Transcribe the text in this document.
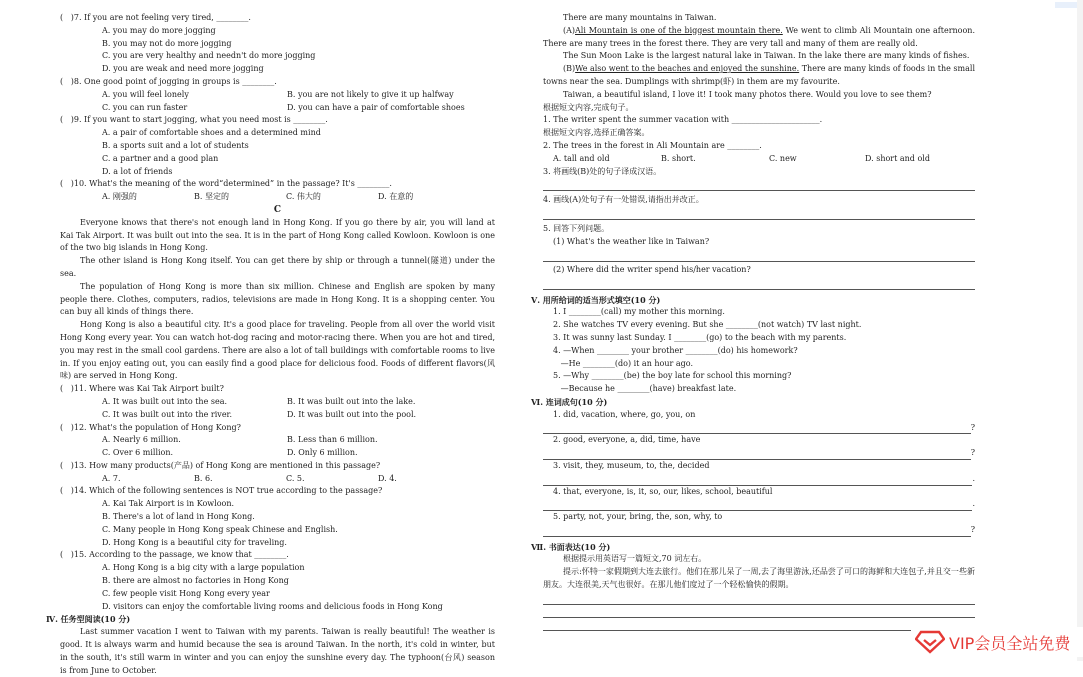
( )7. If you are not feeling very tired, ________.
A. you may do more jogging
B. you may not do more jogging
C. you are very healthy and needn't do more jogging
D. you are weak and need more jogging
( )8. One good point of jogging in groups is ________.
A. you will feel lonely	B. you are not likely to give it up halfway
C. you can run faster	D. you can have a pair of comfortable shoes
( )9. If you want to start jogging, what you need most is ________.
A. a pair of comfortable shoes and a determined mind
B. a sports suit and a lot of students
C. a partner and a good plan
D. a lot of friends
( )10. What's the meaning of the word“determined” in the passage? It's ________.
A. 刚强的	B. 坚定的	C. 伟大的	D. 在意的
C
Everyone knows that there's not enough land in Hong Kong. If you go there by air, you will land at Kai Tak Airport. It was built out into the sea. It is in the part of Hong Kong called Kowloon. Kowloon is one of the two big islands in Hong Kong.
The other island is Hong Kong itself. You can get there by ship or through a tunnel(隧道) under the sea.
The population of Hong Kong is more than six million. Chinese and English are spoken by many people there. Clothes, computers, radios, televisions are made in Hong Kong. It is a shopping center. You can buy all kinds of things there.
Hong Kong is also a beautiful city. It's a good place for traveling. People from all over the world visit Hong Kong every year. You can watch hot-dog racing and motor-racing there. When you are hot and tired, you may rest in the small cool gardens. There are also a lot of tall buildings with comfortable rooms to live in. If you enjoy eating out, you can easily find a good place for delicious food. Foods of different flavors(风味) are served in Hong Kong.
( )11. Where was Kai Tak Airport built?
A. It was built out into the sea.	B. It was built out into the lake.
C. It was built out into the river.	D. It was built out into the pool.
( )12. What's the population of Hong Kong?
A. Nearly 6 million.	B. Less than 6 million.
C. Over 6 million.	D. Only 6 million.
( )13. How many products(产品) of Hong Kong are mentioned in this passage?
A. 7.	B. 6.	C. 5.	D. 4.
( )14. Which of the following sentences is NOT true according to the passage?
A. Kai Tak Airport is in Kowloon.
B. There's a lot of land in Hong Kong.
C. Many people in Hong Kong speak Chinese and English.
D. Hong Kong is a beautiful city for traveling.
( )15. According to the passage, we know that ________.
A. Hong Kong is a big city with a large population
B. there are almost no factories in Hong Kong
C. few people visit Hong Kong every year
D. visitors can enjoy the comfortable living rooms and delicious foods in Hong Kong
Ⅳ. 任务型阅读(10 分)
Last summer vacation I went to Taiwan with my parents. Taiwan is really beautiful! The weather is good. It is always warm and humid because the sea is around Taiwan. In the north, it's cold in winter, but in the south, it's still warm in winter and you can enjoy the sunshine every day. The typhoon(台风) season is from June to October.
There are many mountains in Taiwan.
(A)Ali Mountain is one of the biggest mountain there. We went to climb Ali Mountain one afternoon. There are many trees in the forest there. They are very tall and many of them are really old.
The Sun Moon Lake is the largest natural lake in Taiwan. In the lake there are many kinds of fishes.
(B)We also went to the beaches and enjoyed the sunshine. There are many kinds of foods in the small towns near the sea. Dumplings with shrimp(虾) in them are my favourite.
Taiwan, a beautiful island, I love it! I took many photos there. Would you love to see them?
根据短文内容,完成句子。
1. The writer spent the summer vacation with ______________________.
根据短文内容,选择正确答案。
2. The trees in the forest in Ali Mountain are ________.
A. tall and old	B. short.	C. new	D. short and old
3. 将画线(B)处的句子译成汉语。
4. 画线(A)处句子有一处错误,请指出并改正。
5. 回答下列问题。
(1) What's the weather like in Taiwan?
(2) Where did the writer spend his/her vacation?
Ⅴ. 用所给词的适当形式填空(10 分)
1. I ________(call) my mother this morning.
2. She watches TV every evening. But she ________(not watch) TV last night.
3. It was sunny last Sunday. I ________(go) to the beach with my parents.
4. —When ________ your brother ________(do) his homework?
—He ________(do) it an hour ago.
5. —Why ________(be) the boy late for school this morning?
—Because he ________(have) breakfast late.
Ⅵ. 连词成句(10 分)
1. did, vacation, where, go, you, on
?
2. good, everyone, a, did, time, have
?
3. visit, they, museum, to, the, decided
.
4. that, everyone, is, it, so, our, likes, school, beautiful
.
5. party, not, your, bring, the, son, why, to
?
Ⅶ. 书面表达(10 分)
根据提示用英语写一篇短文,70 词左右。
提示:怀特一家假期到大连去旅行。他们在那儿呆了一周,去了海里游泳,还品尝了可口的海鲜和大连包子,并且交一些新朋友。大连很美,天气也很好。在那儿他们度过了一个轻松愉快的假期。
VIP会员全站免费
